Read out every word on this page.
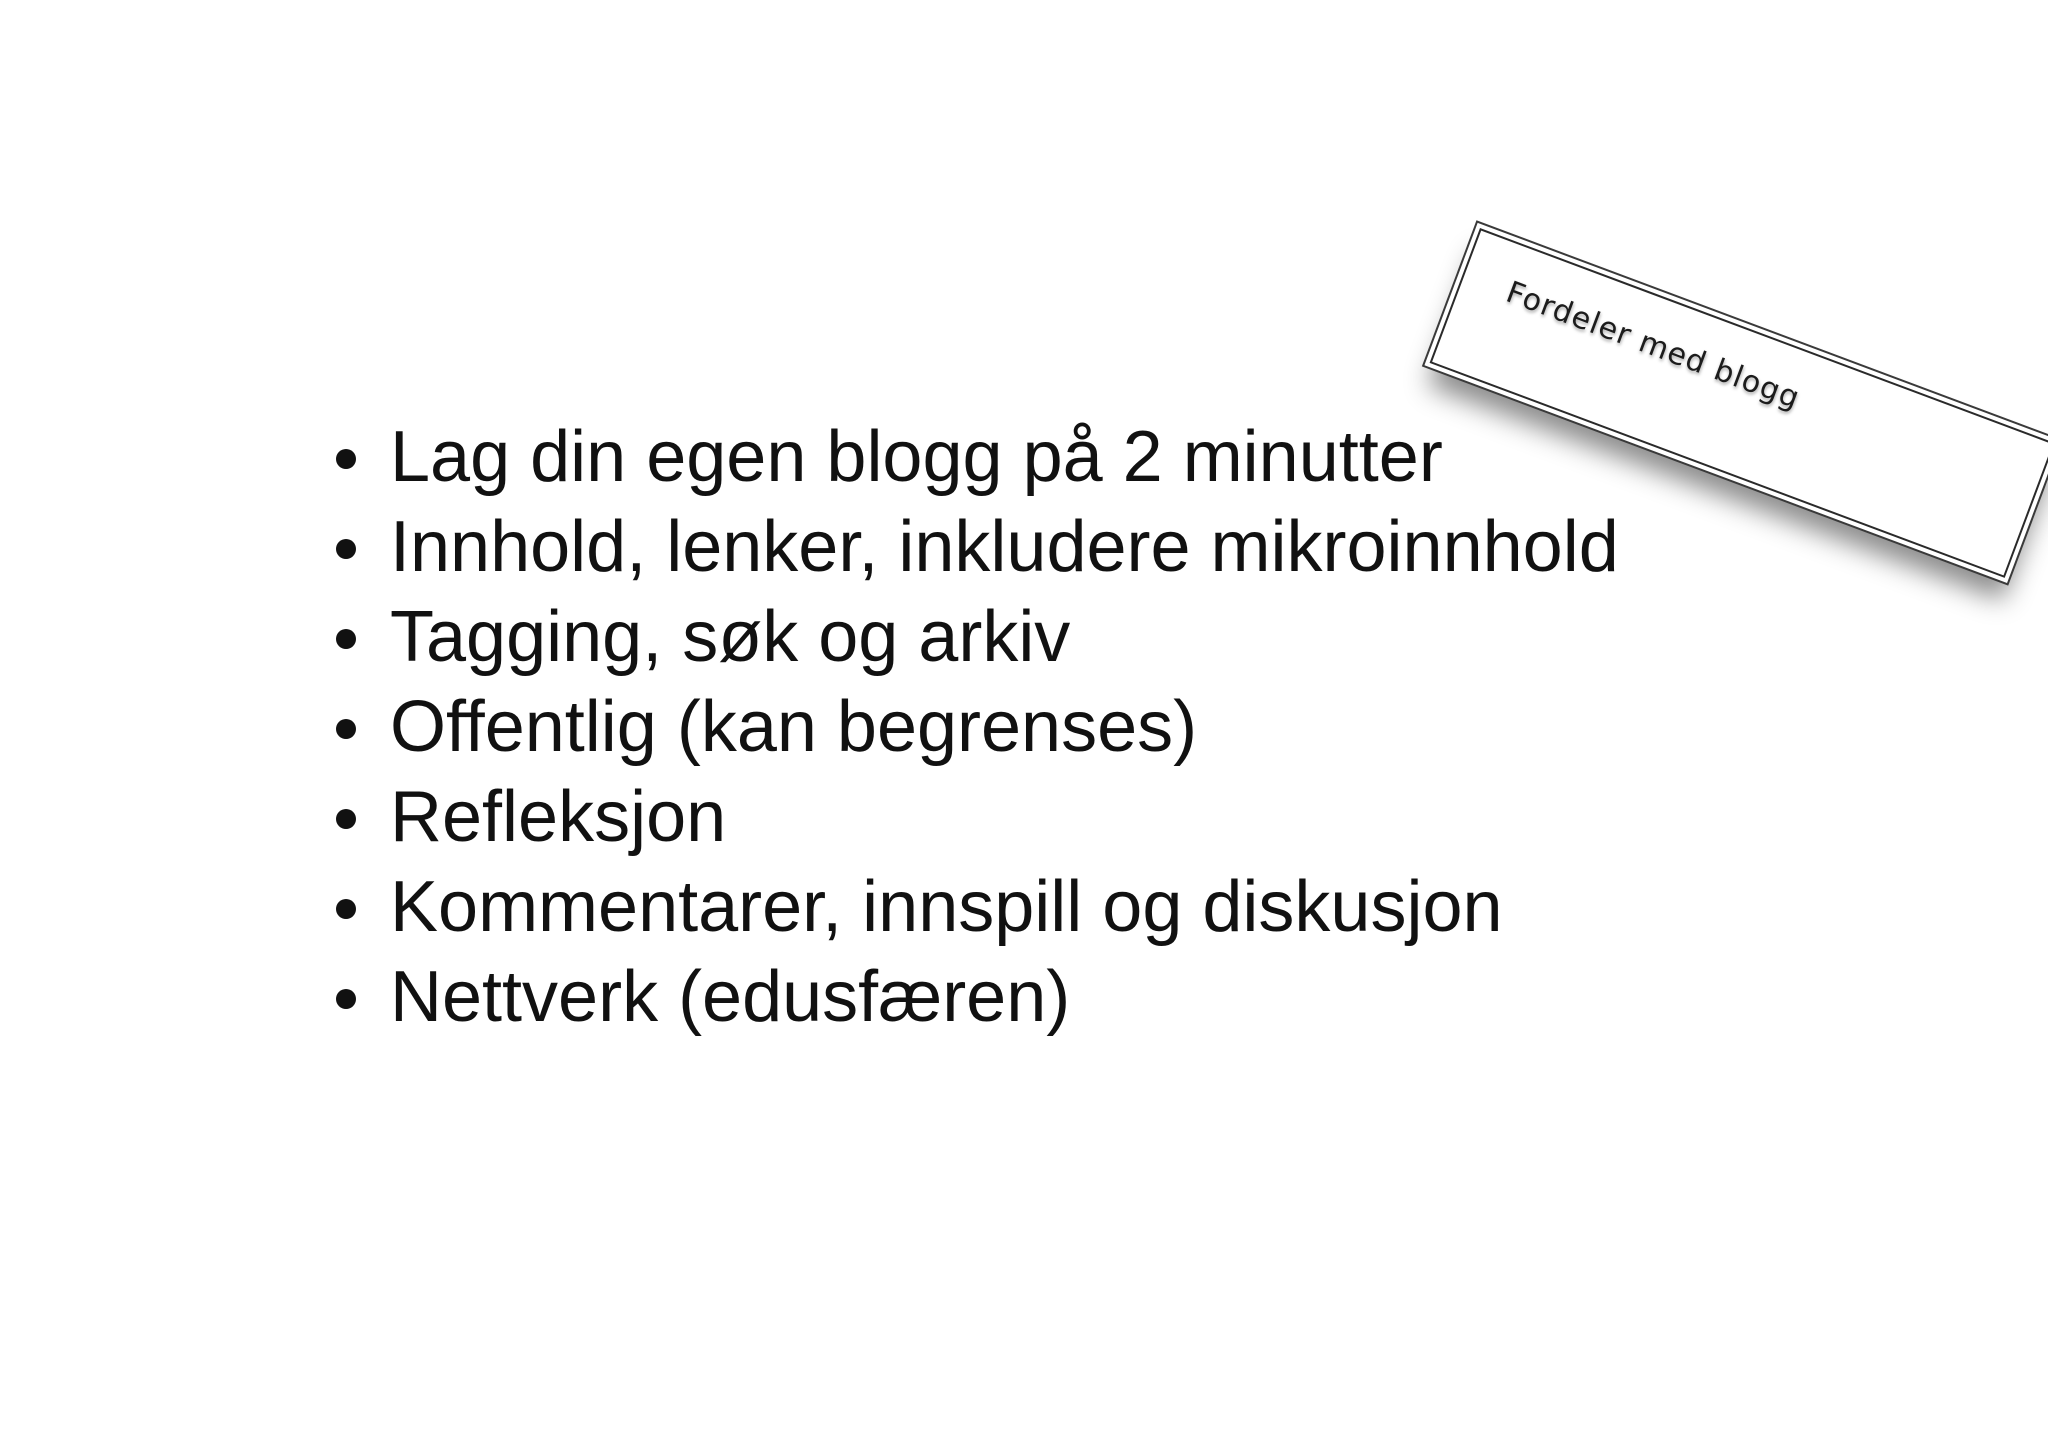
Fordeler med blogg
Lag din egen blogg på 2 minutter
Innhold, lenker, inkludere mikroinnhold
Tagging, søk og arkiv
Offentlig (kan begrenses)
Refleksjon
Kommentarer, innspill og diskusjon
Nettverk (edusfæren)
